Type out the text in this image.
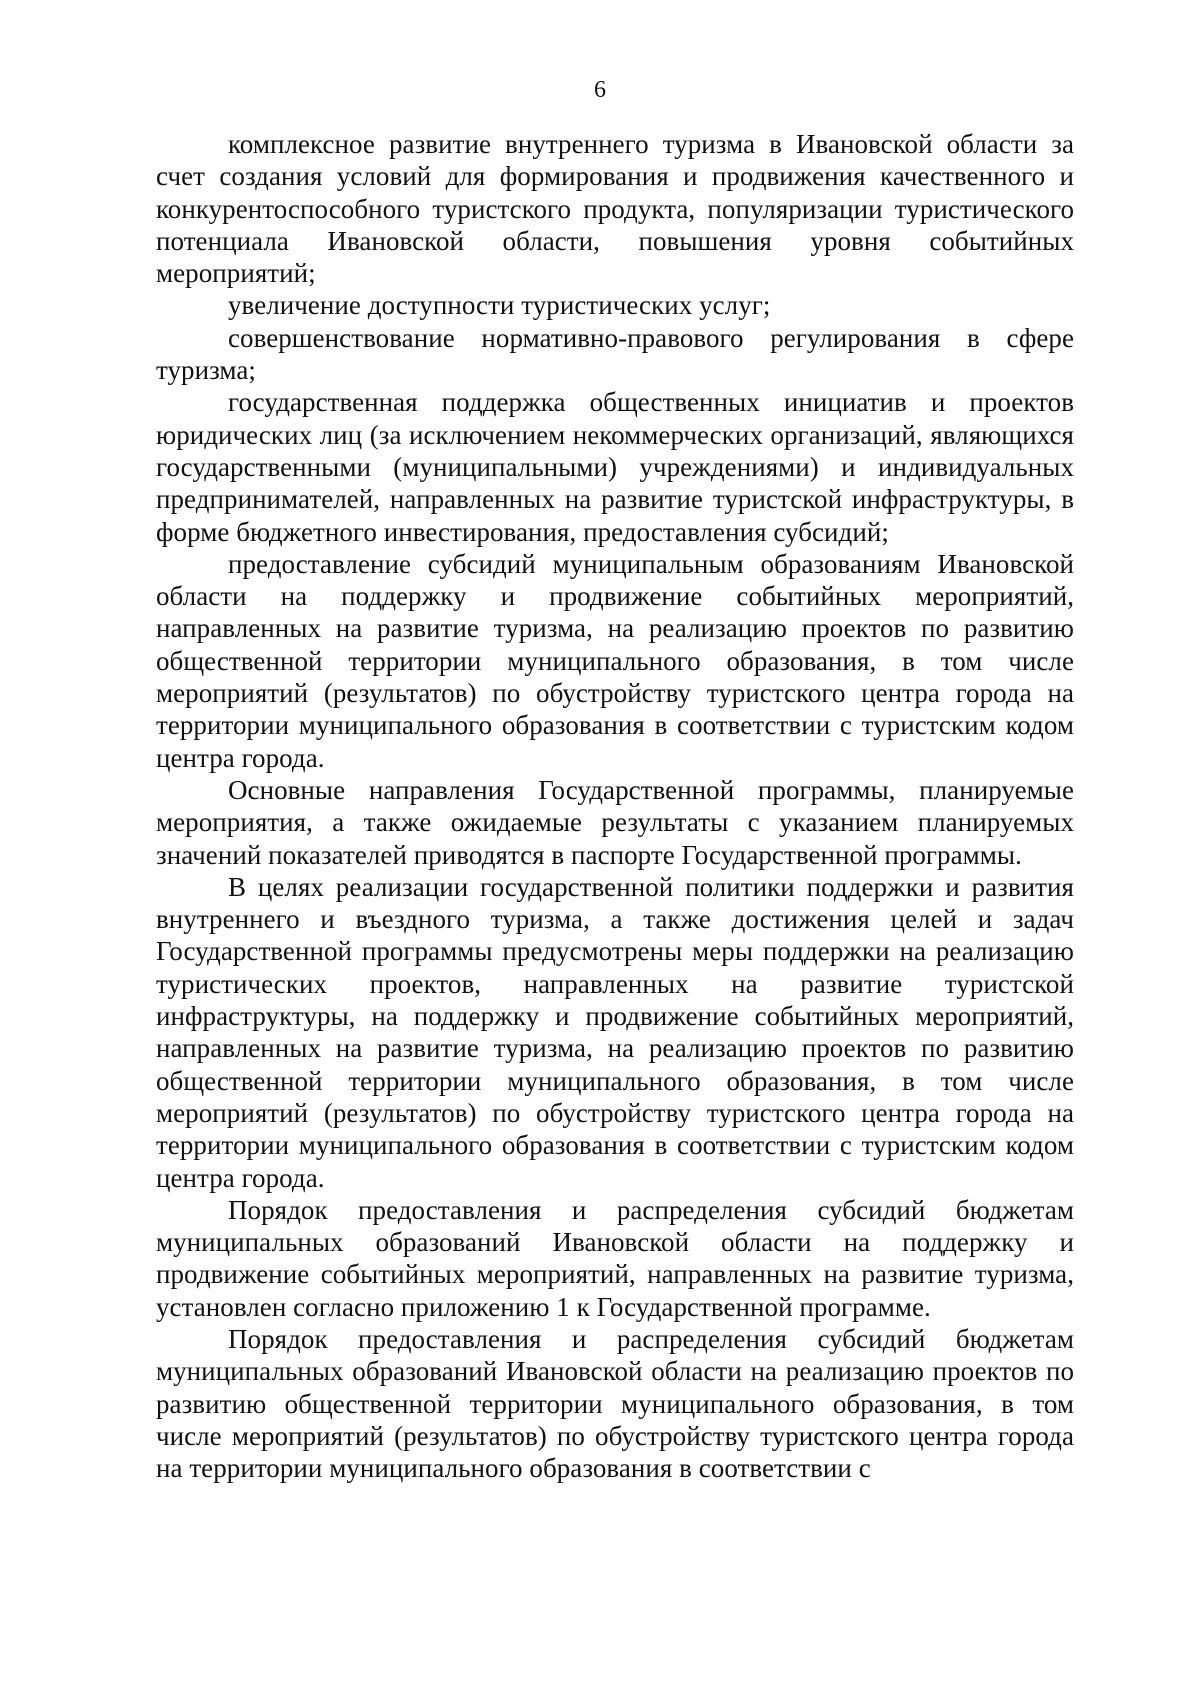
6

комплексное развитие внутреннего туризма в Ивановской области за счет создания условий для формирования и продвижения качественного и конкурентоспособного туристского продукта, популяризации туристического потенциала Ивановской области, повышения уровня событийных мероприятий;

увеличение доступности туристических услуг;

совершенствование нормативно-правового регулирования в сфере туризма;

государственная поддержка общественных инициатив и проектов юридических лиц (за исключением некоммерческих организаций, являющихся государственными (муниципальными) учреждениями) и индивидуальных предпринимателей, направленных на развитие туристской инфраструктуры, в форме бюджетного инвестирования, предоставления субсидий;

предоставление субсидий муниципальным образованиям Ивановской области на поддержку и продвижение событийных мероприятий, направленных на развитие туризма, на реализацию проектов по развитию общественной территории муниципального образования, в том числе мероприятий (результатов) по обустройству туристского центра города на территории муниципального образования в соответствии с туристским кодом центра города.

Основные направления Государственной программы, планируемые мероприятия, а также ожидаемые результаты с указанием планируемых значений показателей приводятся в паспорте Государственной программы.

В целях реализации государственной политики поддержки и развития внутреннего и въездного туризма, а также достижения целей и задач Государственной программы предусмотрены меры поддержки на реализацию туристических проектов, направленных на развитие туристской инфраструктуры, на поддержку и продвижение событийных мероприятий, направленных на развитие туризма, на реализацию проектов по развитию общественной территории муниципального образования, в том числе мероприятий (результатов) по обустройству туристского центра города на территории муниципального образования в соответствии с туристским кодом центра города.

Порядок предоставления и распределения субсидий бюджетам муниципальных образований Ивановской области на поддержку и продвижение событийных мероприятий, направленных на развитие туризма, установлен согласно приложению 1 к Государственной программе.

Порядок предоставления и распределения субсидий бюджетам муниципальных образований Ивановской области на реализацию проектов по развитию общественной территории муниципального образования, в том числе мероприятий (результатов) по обустройству туристского центра города на территории муниципального образования в соответствии с
